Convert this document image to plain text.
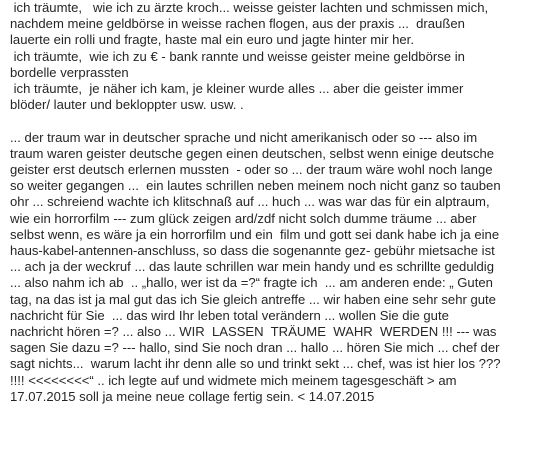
ich träumte,   wie ich zu ärzte kroch... weisse geister lachten und schmissen mich,
nachdem meine geldbörse in weisse rachen flogen, aus der praxis ...  draußen
lauerte ein rolli und fragte, haste mal ein euro und jagte hinter mir her.
ich träumte,  wie ich zu € - bank rannte und weisse geister meine geldbörse in
bordelle verprassten
ich träumte,  je näher ich kam, je kleiner wurde alles ... aber die geister immer
blöder/ lauter und bekloppter usw. usw. .
... der traum war in deutscher sprache und nicht amerikanisch oder so --- also im
traum waren geister deutsche gegen einen deutschen, selbst wenn einige deutsche
geister erst deutsch erlernen mussten  - oder so ... der traum wäre wohl noch lange
so weiter gegangen ...  ein lautes schrillen neben meinem noch nicht ganz so tauben
ohr ... schreiend wachte ich klitschnaß auf ... huch ... was war das für ein alptraum,
wie ein horrorfilm --- zum glück zeigen ard/zdf nicht solch dumme träume ... aber
selbst wenn, es wäre ja ein horrorfilm und ein  film und gott sei dank habe ich ja eine
haus-kabel-antennen-anschluss, so dass die sogenannte gez- gebühr mietsache ist
... ach ja der weckruf ... das laute schrillen war mein handy und es schrillte geduldig
... also nahm ich ab  .. „hallo, wer ist da =?“ fragte ich  ... am anderen ende: „ Guten
tag, na das ist ja mal gut das ich Sie gleich antreffe ... wir haben eine sehr sehr gute
nachricht für Sie  ... das wird Ihr leben total verändern ... wollen Sie die gute
nachricht hören =? ... also ... WIR  LASSEN  TRÄUME  WAHR  WERDEN !!! --- was
sagen Sie dazu =? --- hallo, sind Sie noch dran ... hallo ... hören Sie mich ... chef der
sagt nichts...  warum lacht ihr denn alle so und trinkt sekt ... chef, was ist hier los ???
!!!! <<<<<<<<“ .. ich legte auf und widmete mich meinem tagesgeschäft > am
17.07.2015 soll ja meine neue collage fertig sein. < 14.07.2015
